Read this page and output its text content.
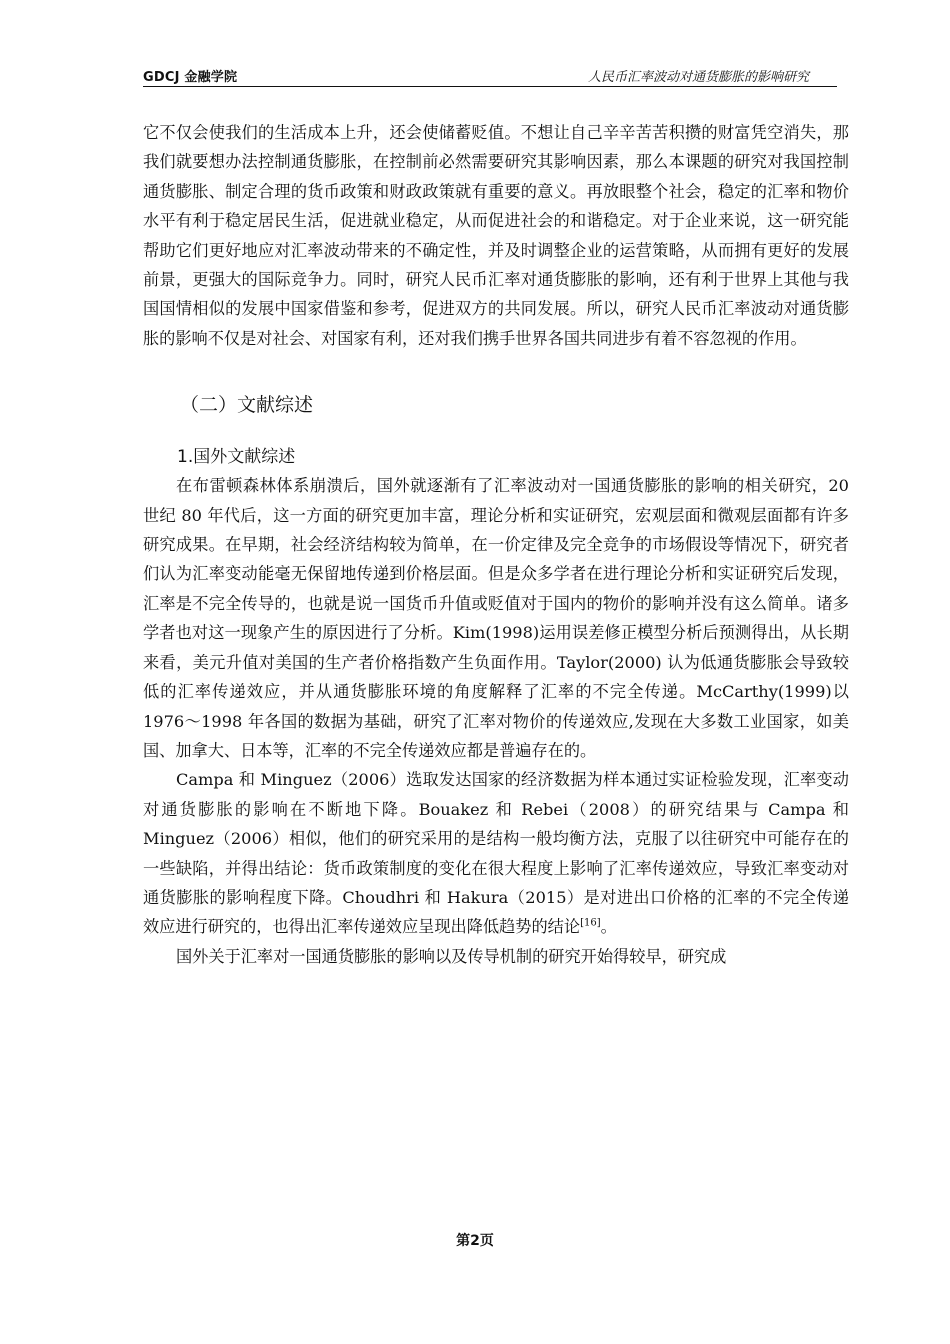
GDCJ 金融学院	人民币汇率波动对通货膨胀的影响研究

它不仅会使我们的生活成本上升，还会使储蓄贬值。不想让自己辛辛苦苦积攒的财富凭空消失，那我们就要想办法控制通货膨胀，在控制前必然需要研究其影响因素，那么本课题的研究对我国控制通货膨胀、制定合理的货币政策和财政政策就有重要的意义。再放眼整个社会，稳定的汇率和物价水平有利于稳定居民生活，促进就业稳定，从而促进社会的和谐稳定。对于企业来说，这一研究能帮助它们更好地应对汇率波动带来的不确定性，并及时调整企业的运营策略，从而拥有更好的发展前景，更强大的国际竞争力。同时，研究人民币汇率对通货膨胀的影响，还有利于世界上其他与我国国情相似的发展中国家借鉴和参考，促进双方的共同发展。所以，研究人民币汇率波动对通货膨胀的影响不仅是对社会、对国家有利，还对我们携手世界各国共同进步有着不容忽视的作用。

（二）文献综述
1.国外文献综述

在布雷顿森林体系崩溃后，国外就逐渐有了汇率波动对一国通货膨胀的影响的相关研究，20 世纪 80 年代后，这一方面的研究更加丰富，理论分析和实证研究，宏观层面和微观层面都有许多研究成果。在早期，社会经济结构较为简单，在一价定律及完全竞争的市场假设等情况下，研究者们认为汇率变动能毫无保留地传递到价格层面。但是众多学者在进行理论分析和实证研究后发现，汇率是不完全传导的，也就是说一国货币升值或贬值对于国内的物价的影响并没有这么简单。诸多学者也对这一现象产生的原因进行了分析。Kim(1998)运用误差修正模型分析后预测得出，从长期来看，美元升值对美国的生产者价格指数产生负面作用。Taylor(2000) 认为低通货膨胀会导致较低的汇率传递效应，并从通货膨胀环境的角度解释了汇率的不完全传递。McCarthy(1999)以 1976～1998 年各国的数据为基础，研究了汇率对物价的传递效应,发现在大多数工业国家，如美国、加拿大、日本等，汇率的不完全传递效应都是普遍存在的。

Campa 和 Minguez（2006）选取发达国家的经济数据为样本通过实证检验发现，汇率变动对通货膨胀的影响在不断地下降。Bouakez 和 Rebei（2008）的研究结果与 Campa 和 Minguez（2006）相似，他们的研究采用的是结构一般均衡方法，克服了以往研究中可能存在的一些缺陷，并得出结论：货币政策制度的变化在很大程度上影响了汇率传递效应，导致汇率变动对通货膨胀的影响程度下降。Choudhri 和 Hakura（2015）是对进出口价格的汇率的不完全传递效应进行研究的，也得出汇率传递效应呈现出降低趋势的结论[16]。

国外关于汇率对一国通货膨胀的影响以及传导机制的研究开始得较早，研究成

第2页
